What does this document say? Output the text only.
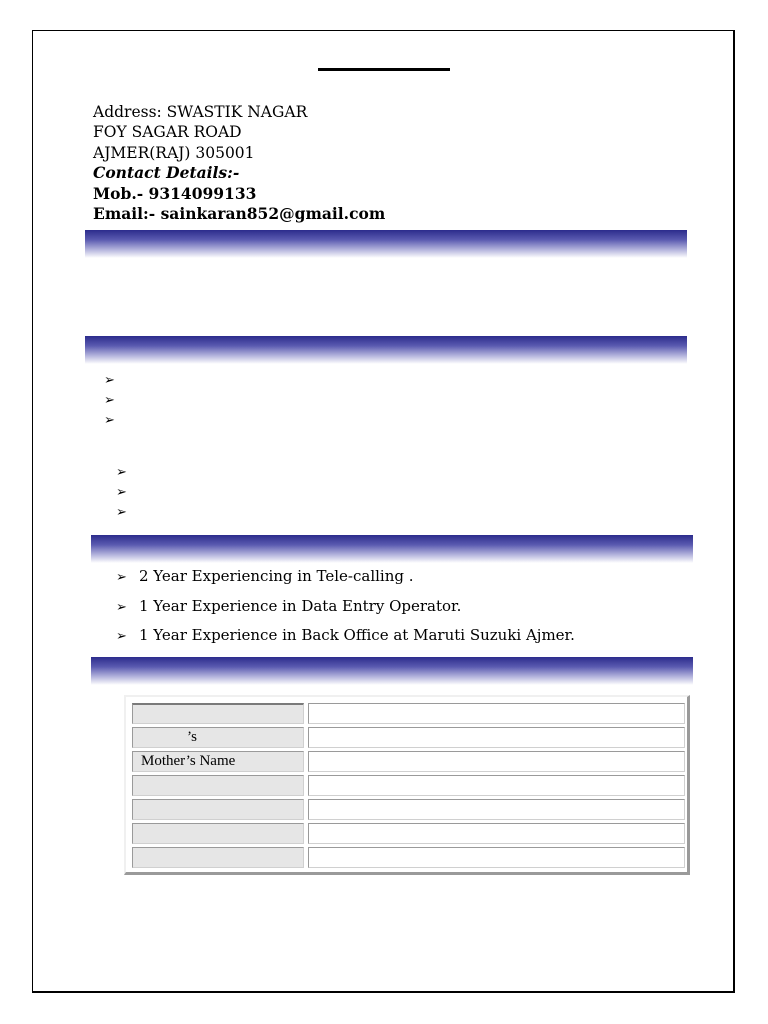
Address: SWASTIK NAGAR
FOY SAGAR ROAD
AJMER(RAJ) 305001
Contact Details:-
Mob.- 9314099133
Email:- sainkaran852@gmail.com
➢
➢
➢
➢
➢
➢
➢ 2 Year Experiencing in Tele-calling .
➢ 1 Year Experience in Data Entry Operator.
➢ 1 Year Experience in Back Office at Maruti Suzuki Ajmer.
’s
Mother’s Name
